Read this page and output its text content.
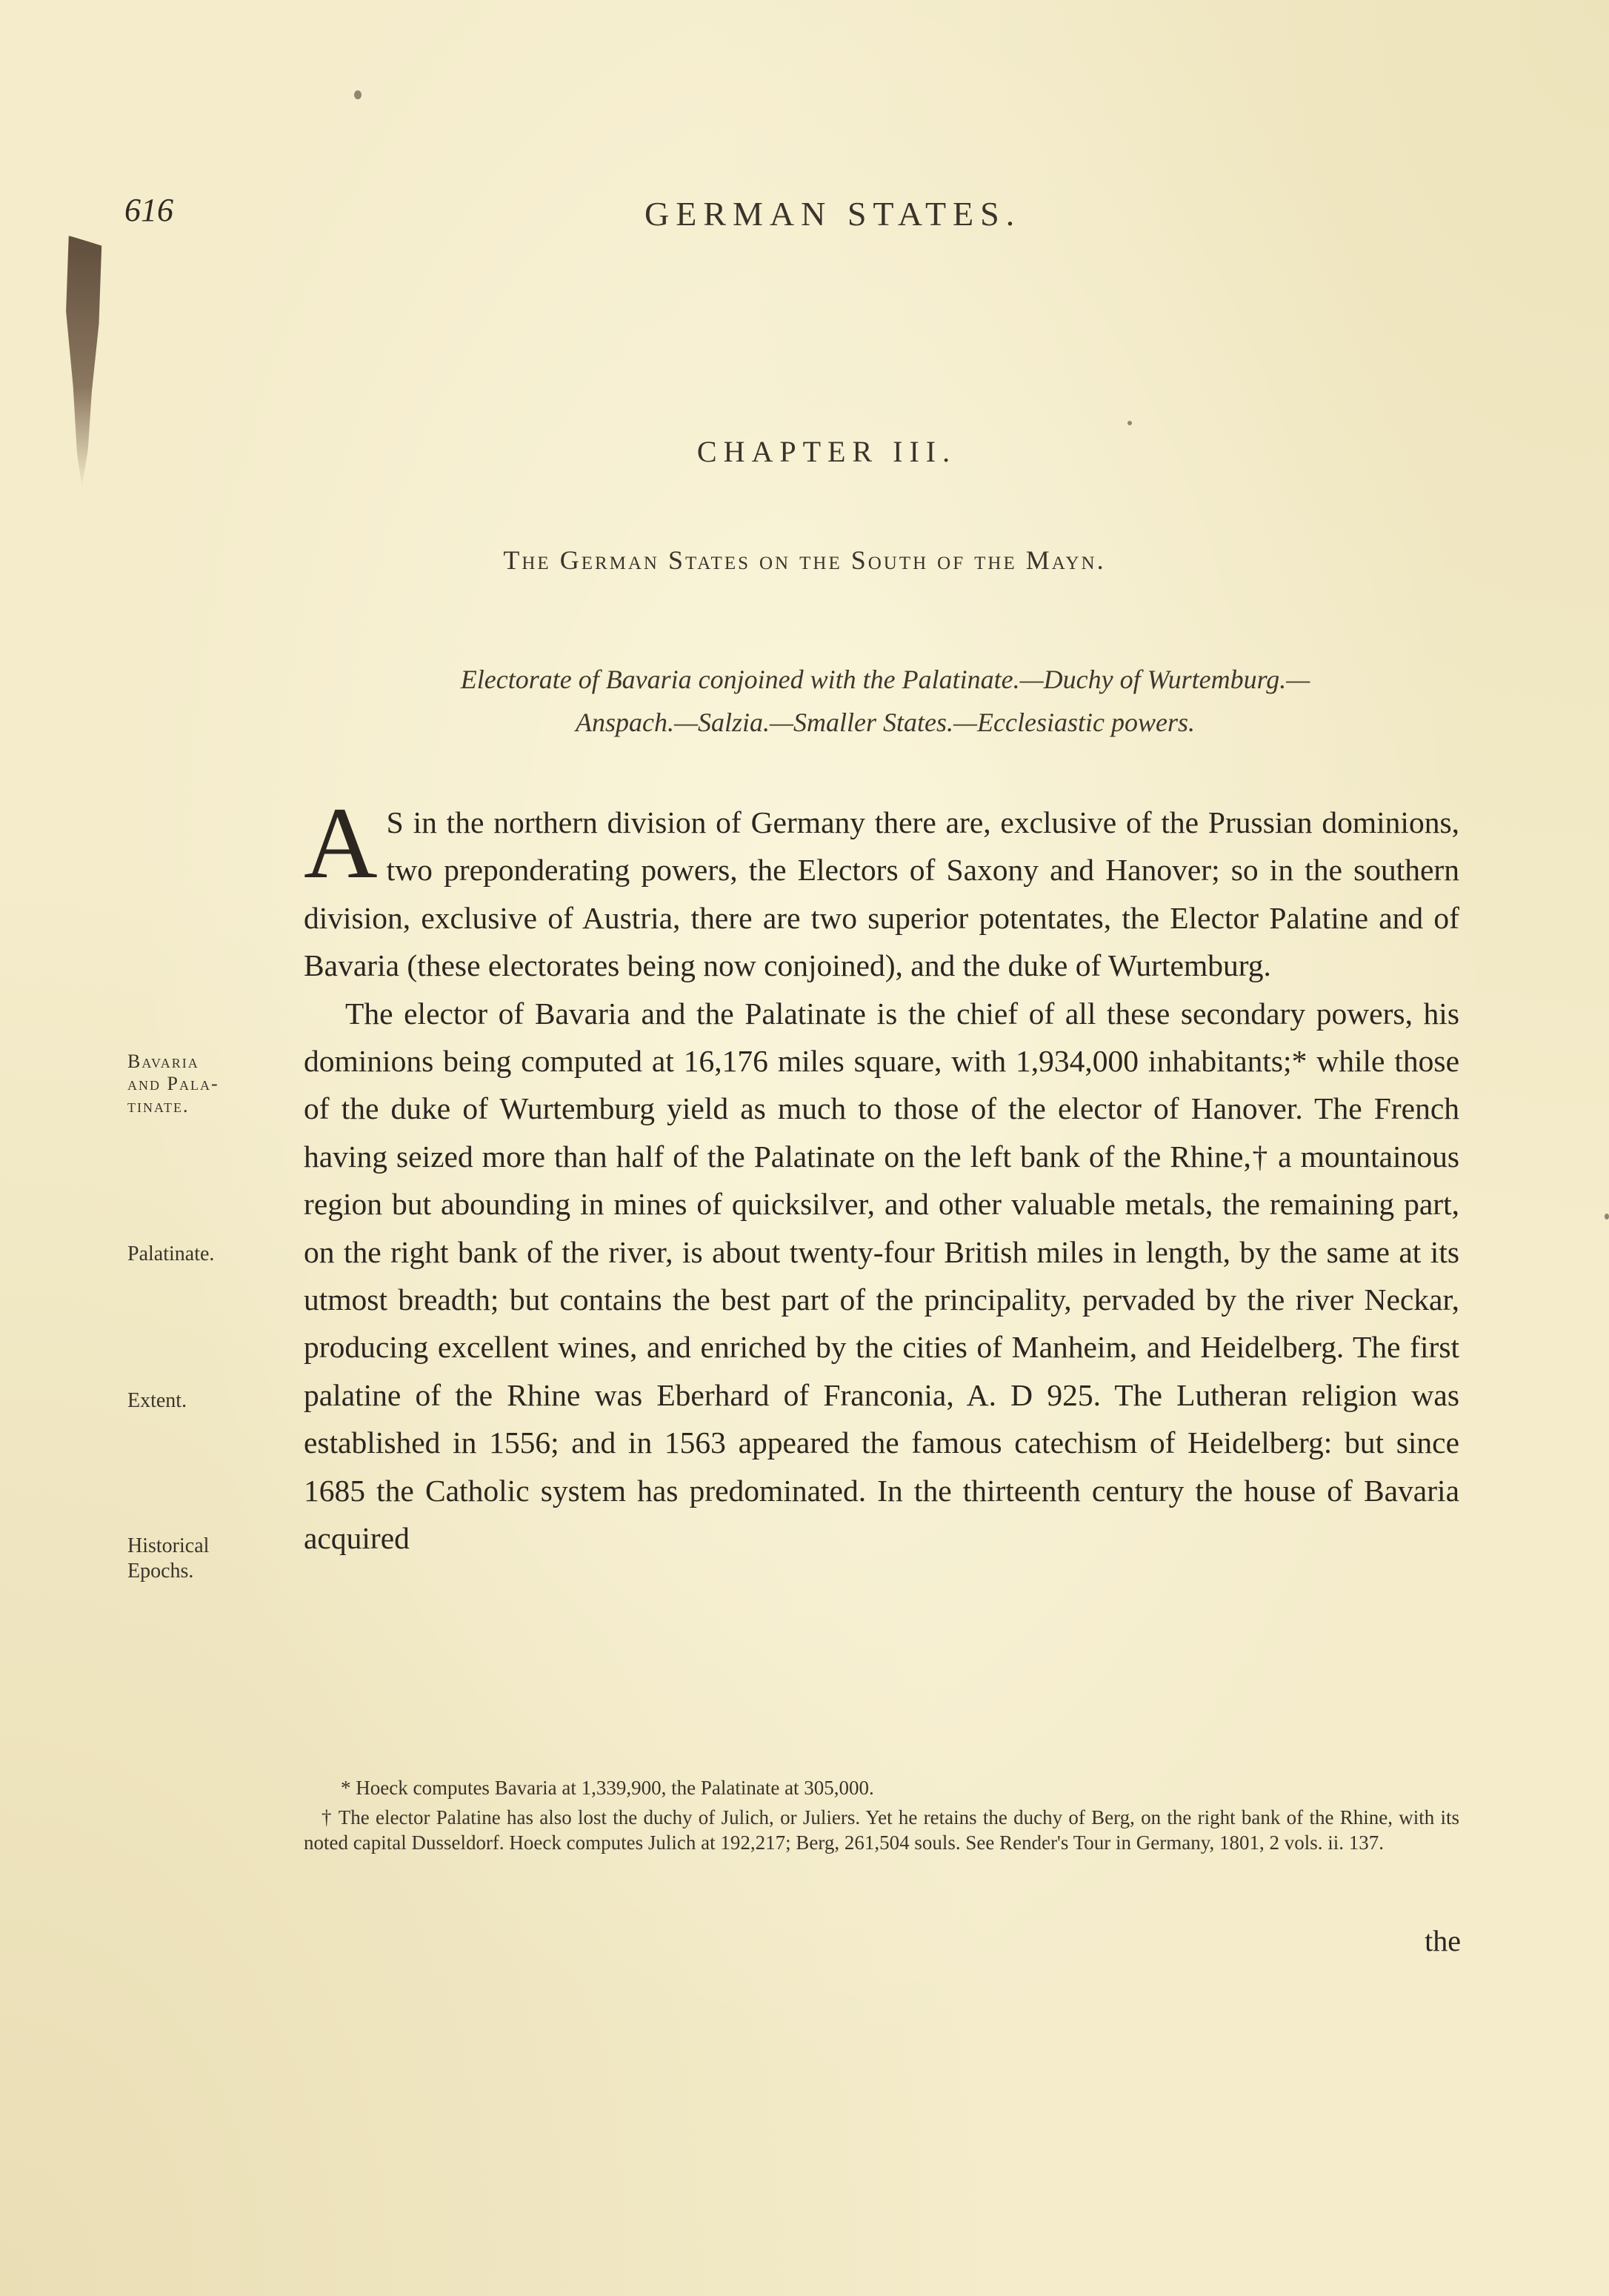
616	GERMAN STATES.
CHAPTER III.
The German States on the South of the Mayn.
Electorate of Bavaria conjoined with the Palatinate.—Duchy of Wurtemburg.—
Anspach.—Salzia.—Smaller States.—Ecclesiastic powers.
Bavaria
and Pala-
tinate.
Palatinate.
Extent.
Historical
Epochs.

A S in the northern division of Germany there are, exclusive of the Prussian dominions, two preponderating powers, the Electors of Saxony and Hanover; so in the southern division, exclusive of Austria, there are two superior potentates, the Elector Palatine and of Bavaria (these electorates being now conjoined), and the duke of Wurtemburg.

The elector of Bavaria and the Palatinate is the chief of all these secondary powers, his dominions being computed at 16,176 miles square, with 1,934,000 inhabitants;* while those of the duke of Wurtemburg yield as much to those of the elector of Hanover. The French having seized more than half of the Palatinate on the left bank of the Rhine,† a mountainous region but abounding in mines of quicksilver, and other valuable metals, the remaining part, on the right bank of the river, is about twenty-four British miles in length, by the same at its utmost breadth; but contains the best part of the principality, pervaded by the river Neckar, producing excellent wines, and enriched by the cities of Manheim, and Heidelberg. The first palatine of the Rhine was Eberhard of Franconia, A. D 925. The Lutheran religion was established in 1556; and in 1563 appeared the famous catechism of Heidelberg: but since 1685 the Catholic system has predominated. In the thirteenth century the house of Bavaria acquired

* Hoeck computes Bavaria at 1,339,900, the Palatinate at 305,000.

† The elector Palatine has also lost the duchy of Julich, or Juliers. Yet he retains the duchy of Berg, on the right bank of the Rhine, with its noted capital Dusseldorf. Hoeck computes Julich at 192,217; Berg, 261,504 souls. See Render's Tour in Germany, 1801, 2 vols. ii. 137.

the
